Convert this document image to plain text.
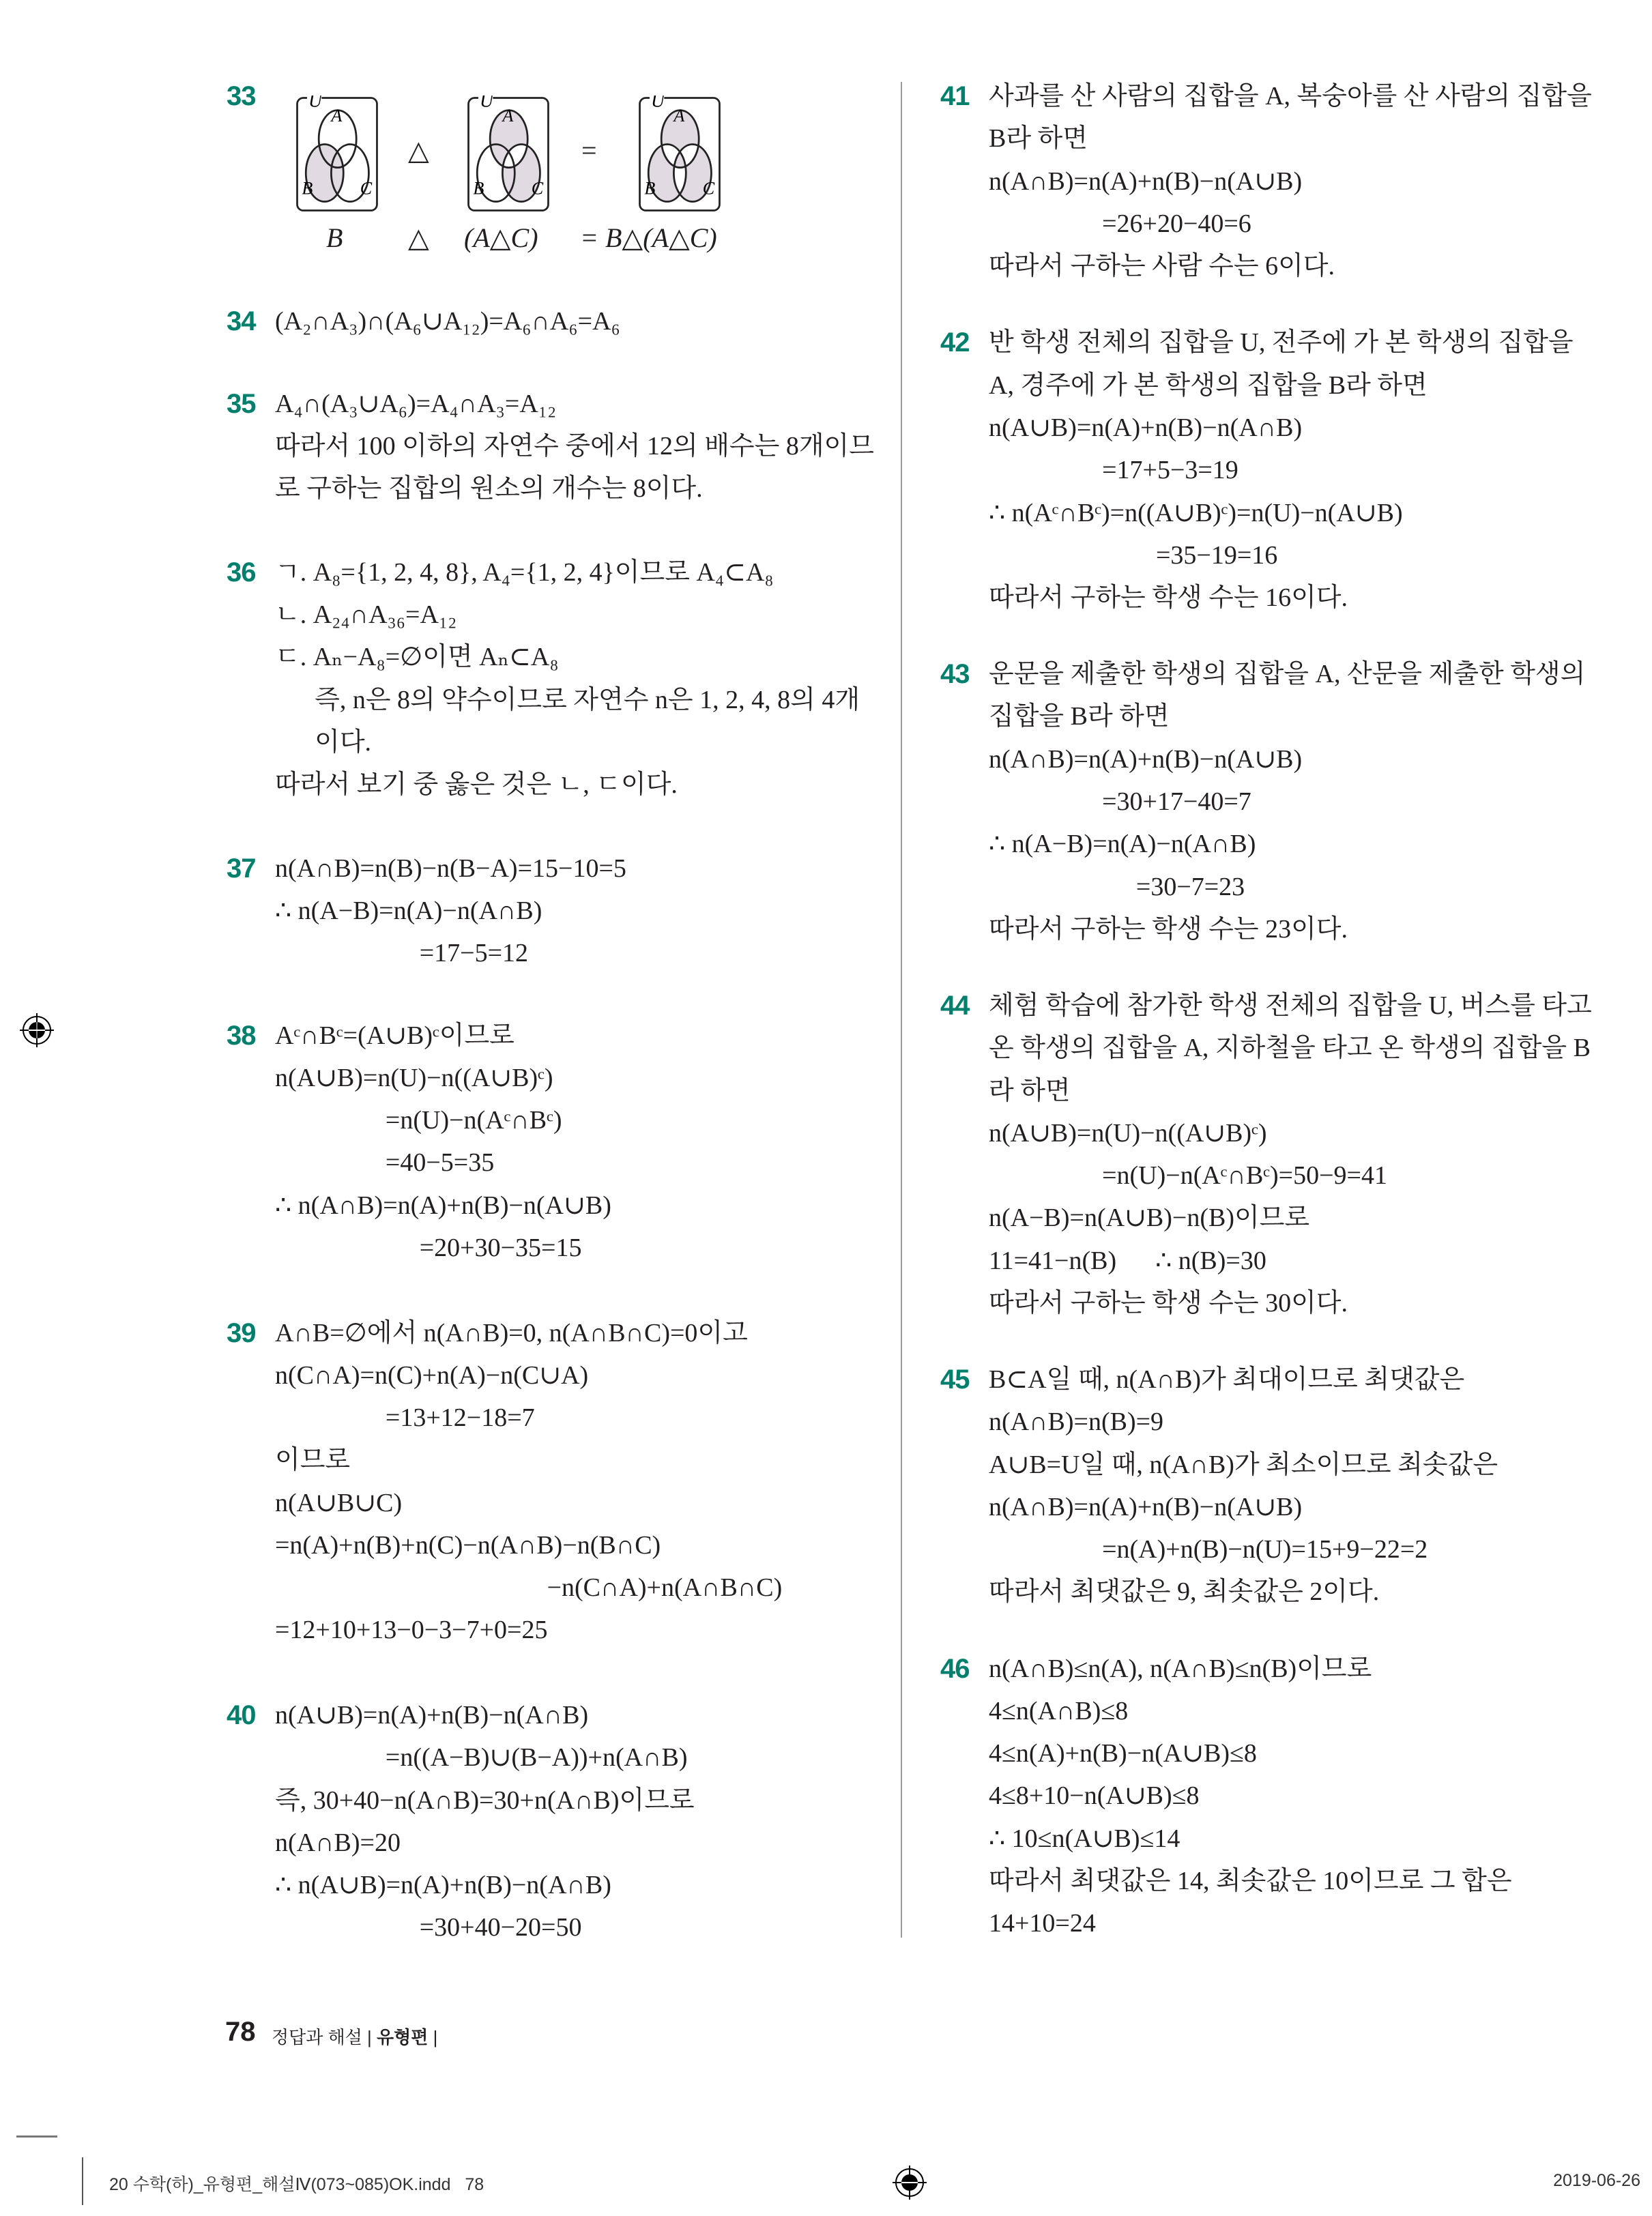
33 U
A
B C
U
A
B C
U
A
B C
△	=
B △ (A△C) = B△(A△C)
34 (A₂∩A₃)∩(A₆∪A₁₂)=A₆∩A₆=A₆
35 A₄∩(A₃∪A₆)=A₄∩A₃=A₁₂
따라서 100 이하의 자연수 중에서 12의 배수는 8개이므
로 구하는 집합의 원소의 개수는 8이다.
36 ㄱ. A₈={1, 2, 4, 8}, A₄={1, 2, 4}이므로 A₄⊂A₈
ㄴ. A₂₄∩A₃₆=A₁₂
ㄷ. Aₙ−A₈=∅이면 Aₙ⊂A₈
즉, n은 8의 약수이므로 자연수 n은 1, 2, 4, 8의 4개
이다.
따라서 보기 중 옳은 것은 ㄴ, ㄷ이다.
37 n(A∩B)=n(B)−n(B−A)=15−10=5
∴ n(A−B)=n(A)−n(A∩B)
=17−5=12
38 Aᶜ∩Bᶜ=(A∪B)ᶜ이므로
n(A∪B)=n(U)−n((A∪B)ᶜ)
=n(U)−n(Aᶜ∩Bᶜ)
=40−5=35
∴ n(A∩B)=n(A)+n(B)−n(A∪B)
=20+30−35=15
39 A∩B=∅에서 n(A∩B)=0, n(A∩B∩C)=0이고
n(C∩A)=n(C)+n(A)−n(C∪A)
=13+12−18=7
이므로
n(A∪B∪C)
=n(A)+n(B)+n(C)−n(A∩B)−n(B∩C)
−n(C∩A)+n(A∩B∩C)
=12+10+13−0−3−7+0=25
40 n(A∪B)=n(A)+n(B)−n(A∩B)
=n((A−B)∪(B−A))+n(A∩B)
즉, 30+40−n(A∩B)=30+n(A∩B)이므로
n(A∩B)=20
∴ n(A∪B)=n(A)+n(B)−n(A∩B)
=30+40−20=50
41 사과를 산 사람의 집합을 A, 복숭아를 산 사람의 집합을
B라 하면
n(A∩B)=n(A)+n(B)−n(A∪B)
=26+20−40=6
따라서 구하는 사람 수는 6이다.
42 반 학생 전체의 집합을 U, 전주에 가 본 학생의 집합을
A, 경주에 가 본 학생의 집합을 B라 하면
n(A∪B)=n(A)+n(B)−n(A∩B)
=17+5−3=19
∴ n(Aᶜ∩Bᶜ)=n((A∪B)ᶜ)=n(U)−n(A∪B)
=35−19=16
따라서 구하는 학생 수는 16이다.
43 운문을 제출한 학생의 집합을 A, 산문을 제출한 학생의
집합을 B라 하면
n(A∩B)=n(A)+n(B)−n(A∪B)
=30+17−40=7
∴ n(A−B)=n(A)−n(A∩B)
=30−7=23
따라서 구하는 학생 수는 23이다.
44 체험 학습에 참가한 학생 전체의 집합을 U, 버스를 타고
온 학생의 집합을 A, 지하철을 타고 온 학생의 집합을 B
라 하면
n(A∪B)=n(U)−n((A∪B)ᶜ)
=n(U)−n(Aᶜ∩Bᶜ)=50−9=41
n(A−B)=n(A∪B)−n(B)이므로
11=41−n(B)      ∴ n(B)=30
따라서 구하는 학생 수는 30이다.
45 B⊂A일 때, n(A∩B)가 최대이므로 최댓값은
n(A∩B)=n(B)=9
A∪B=U일 때, n(A∩B)가 최소이므로 최솟값은
n(A∩B)=n(A)+n(B)−n(A∪B)
=n(A)+n(B)−n(U)=15+9−22=2
따라서 최댓값은 9, 최솟값은 2이다.
46 n(A∩B)≤n(A), n(A∩B)≤n(B)이므로
4≤n(A∩B)≤8
4≤n(A)+n(B)−n(A∪B)≤8
4≤8+10−n(A∪B)≤8
∴ 10≤n(A∪B)≤14
따라서 최댓값은 14, 최솟값은 10이므로 그 합은
14+10=24
78 정답과 해설 | 유형편 |
20 수학(하)_유형편_해설Ⅳ(073~085)OK.indd   78	2019-06-26
